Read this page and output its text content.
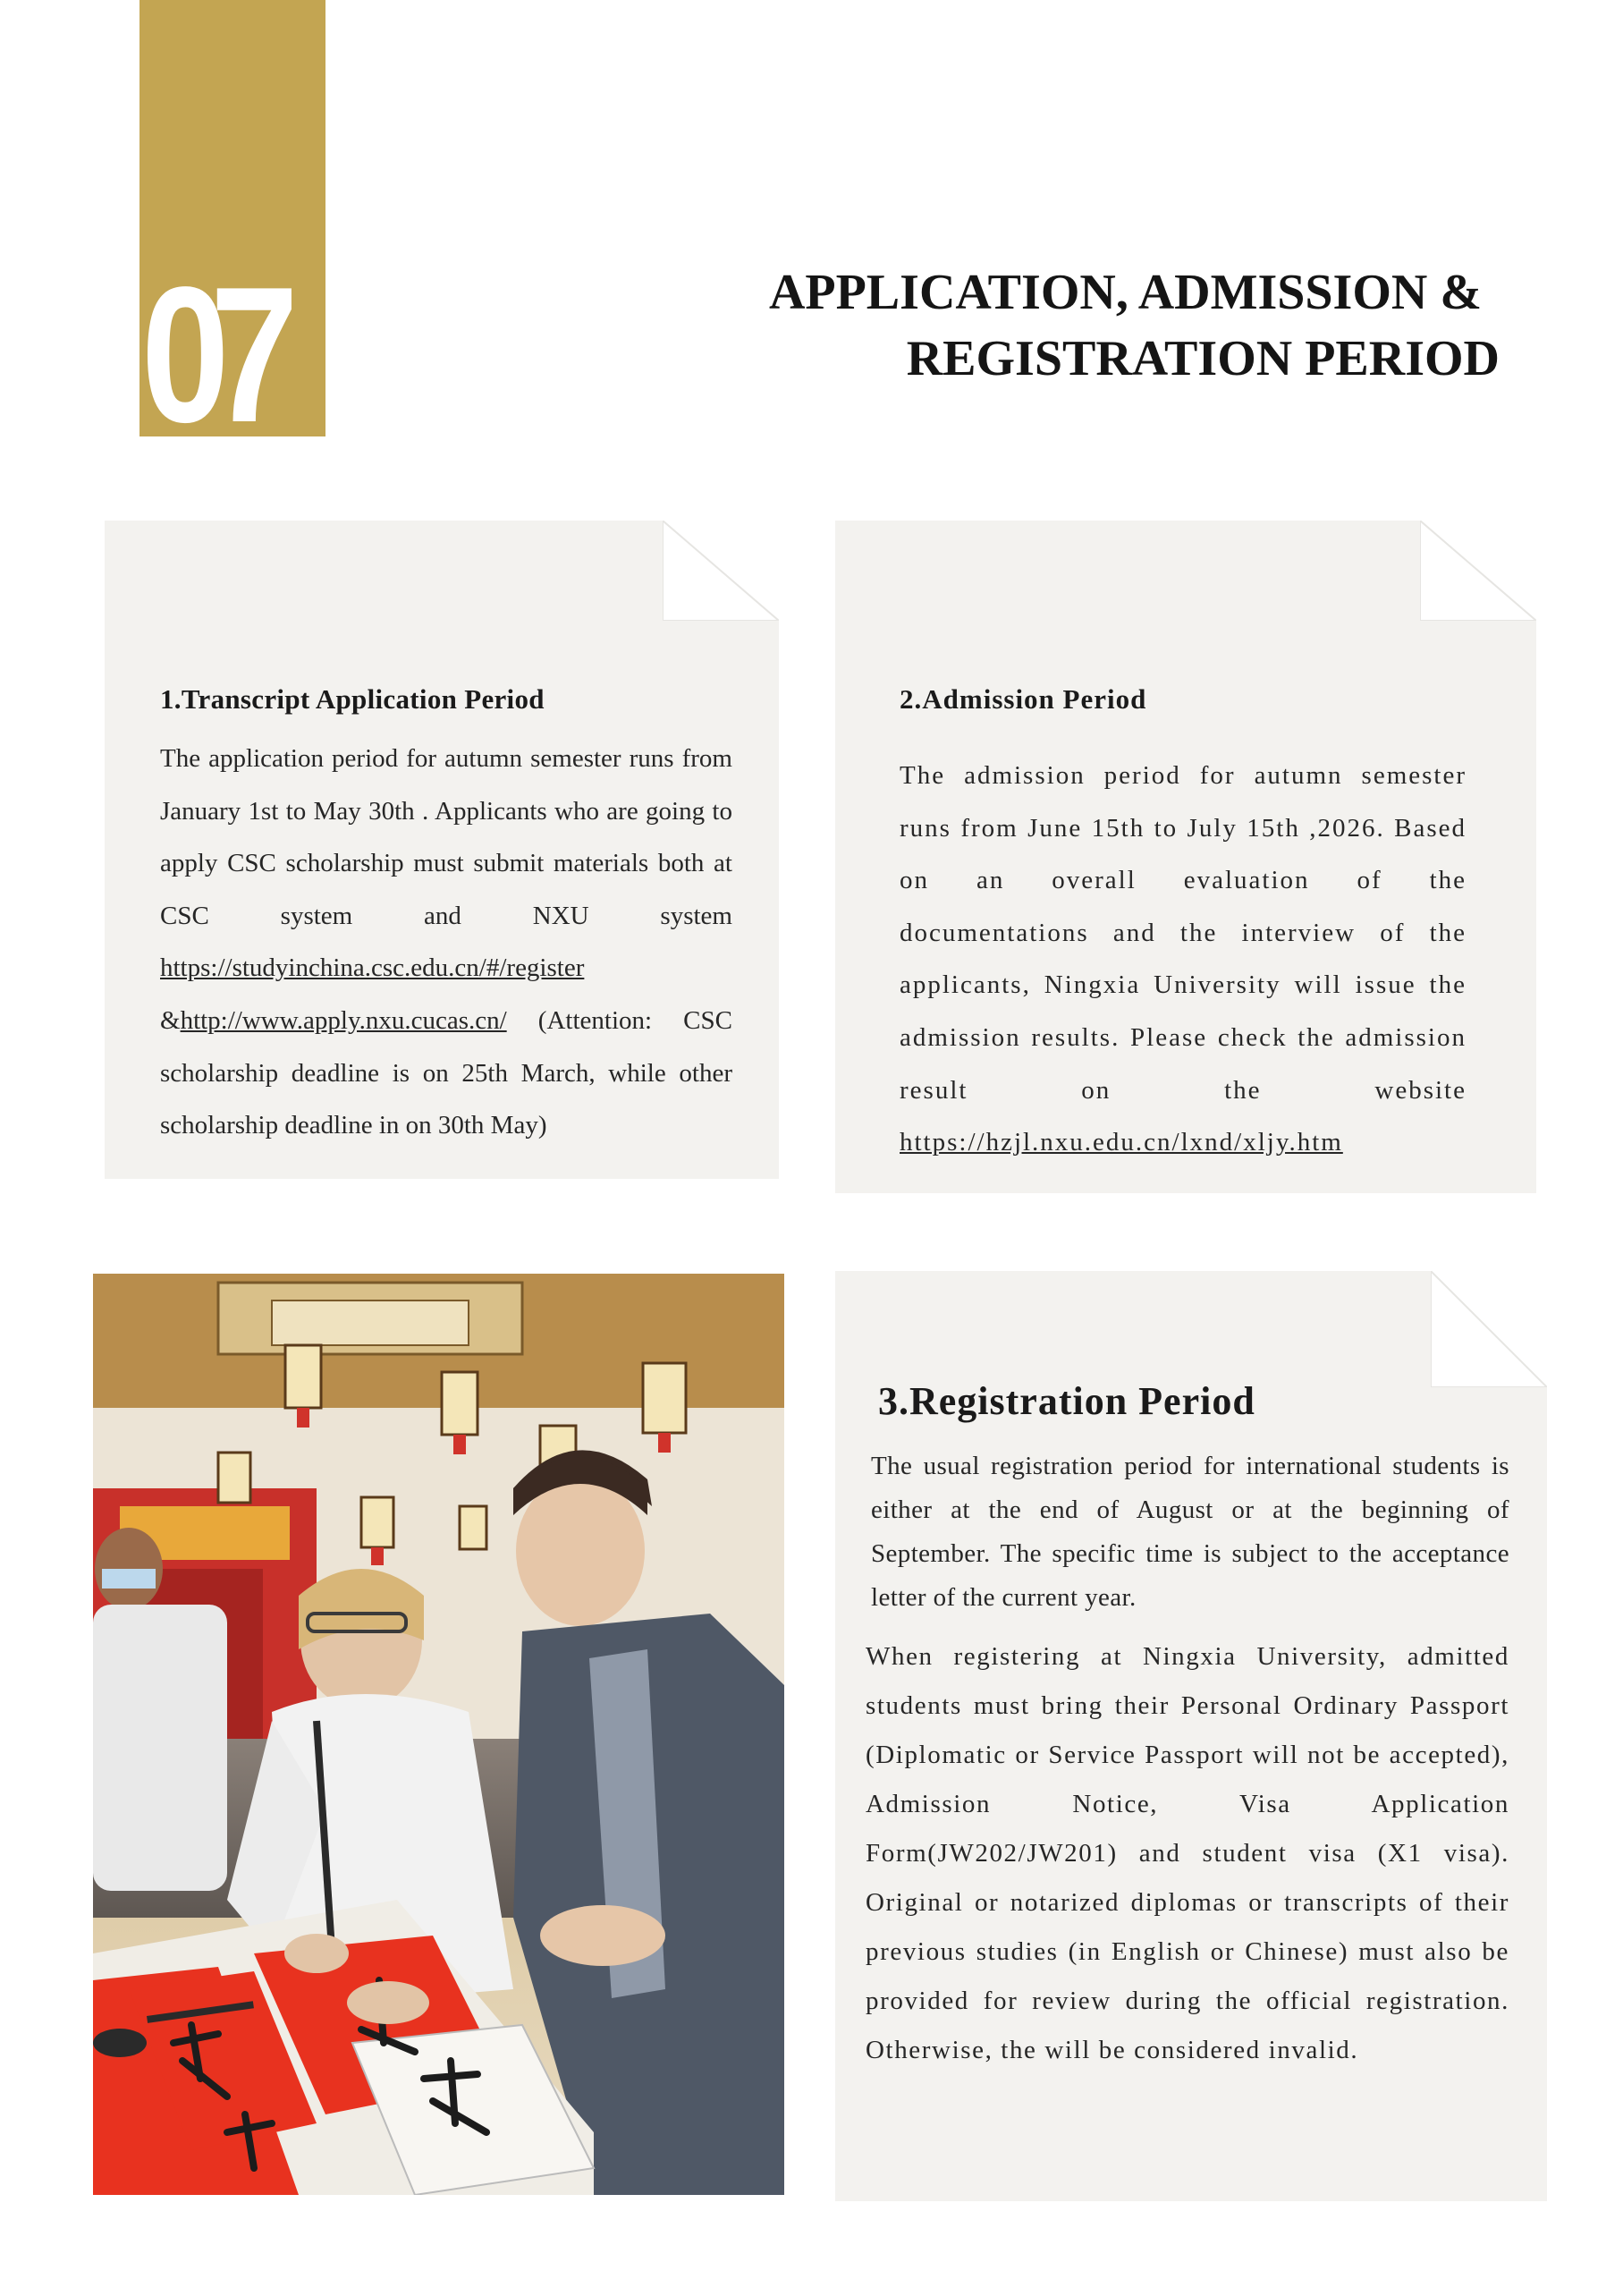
07	APPLICATION, ADMISSION &
REGISTRATION PERIOD
1.Transcript Application Period
The application period for autumn semester runs from January 1st to May 30th . Applicants who are going to apply CSC scholarship must submit materials both at CSC system and NXU system https://studyinchina.csc.edu.cn/#/register &http://www.apply.nxu.cucas.cn/ (Attention: CSC scholarship deadline is on 25th March, while other scholarship deadline in on 30th May)
2.Admission Period
The admission period for autumn semester runs from June 15th to July 15th ,2026. Based on an overall evaluation of the documentations and the interview of the applicants, Ningxia University will issue the admission results. Please check the admission result on the website https://hzjl.nxu.edu.cn/lxnd/xljy.htm
3.Registration Period
The usual registration period for international students is either at the end of August or at the beginning of September. The specific time is subject to the acceptance letter of the current year.
When registering at Ningxia University, admitted students must bring their Personal Ordinary Passport (Diplomatic or Service Passport will not be accepted), Admission Notice, Visa Application Form(JW202/JW201) and student visa (X1 visa). Original or notarized diplomas or transcripts of their previous studies (in English or Chinese) must also be provided for review during the official registration. Otherwise, the will be considered invalid.
